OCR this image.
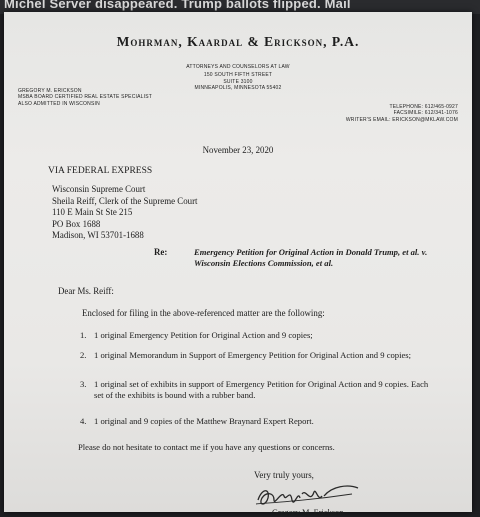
Michel Server disappeared. Trump ballots flipped. Mail
Mohrman, Kaardal & Erickson, P.A.
ATTORNEYS AND COUNSELORS AT LAW
150 SOUTH FIFTH STREET
SUITE 3100
MINNEAPOLIS, MINNESOTA 55402
GREGORY M. ERICKSON
MSBA BOARD CERTIFIED REAL ESTATE SPECIALIST
ALSO ADMITTED IN WISCONSIN
TELEPHONE: 612/465-0927
FACSIMILE: 612/341-1076
WRITER'S EMAIL: ERICKSON@MKLAW.COM
November 23, 2020
VIA FEDERAL EXPRESS
Wisconsin Supreme Court
Sheila Reiff, Clerk of the Supreme Court
110 E Main St Ste 215
PO Box 1688
Madison, WI 53701-1688
Re:	Emergency Petition for Original Action in Donald Trump, et al. v. Wisconsin Elections Commission, et al.
Dear Ms. Reiff:
Enclosed for filing in the above-referenced matter are the following:
1. 1 original Emergency Petition for Original Action and 9 copies;
2. 1 original Memorandum in Support of Emergency Petition for Original Action and 9 copies;
3. 1 original set of exhibits in support of Emergency Petition for Original Action and 9 copies. Each set of the exhibits is bound with a rubber band.
4. 1 original and 9 copies of the Matthew Braynard Expert Report.
Please do not hesitate to contact me if you have any questions or concerns.
Very truly yours,
Gregory M. Erickson
